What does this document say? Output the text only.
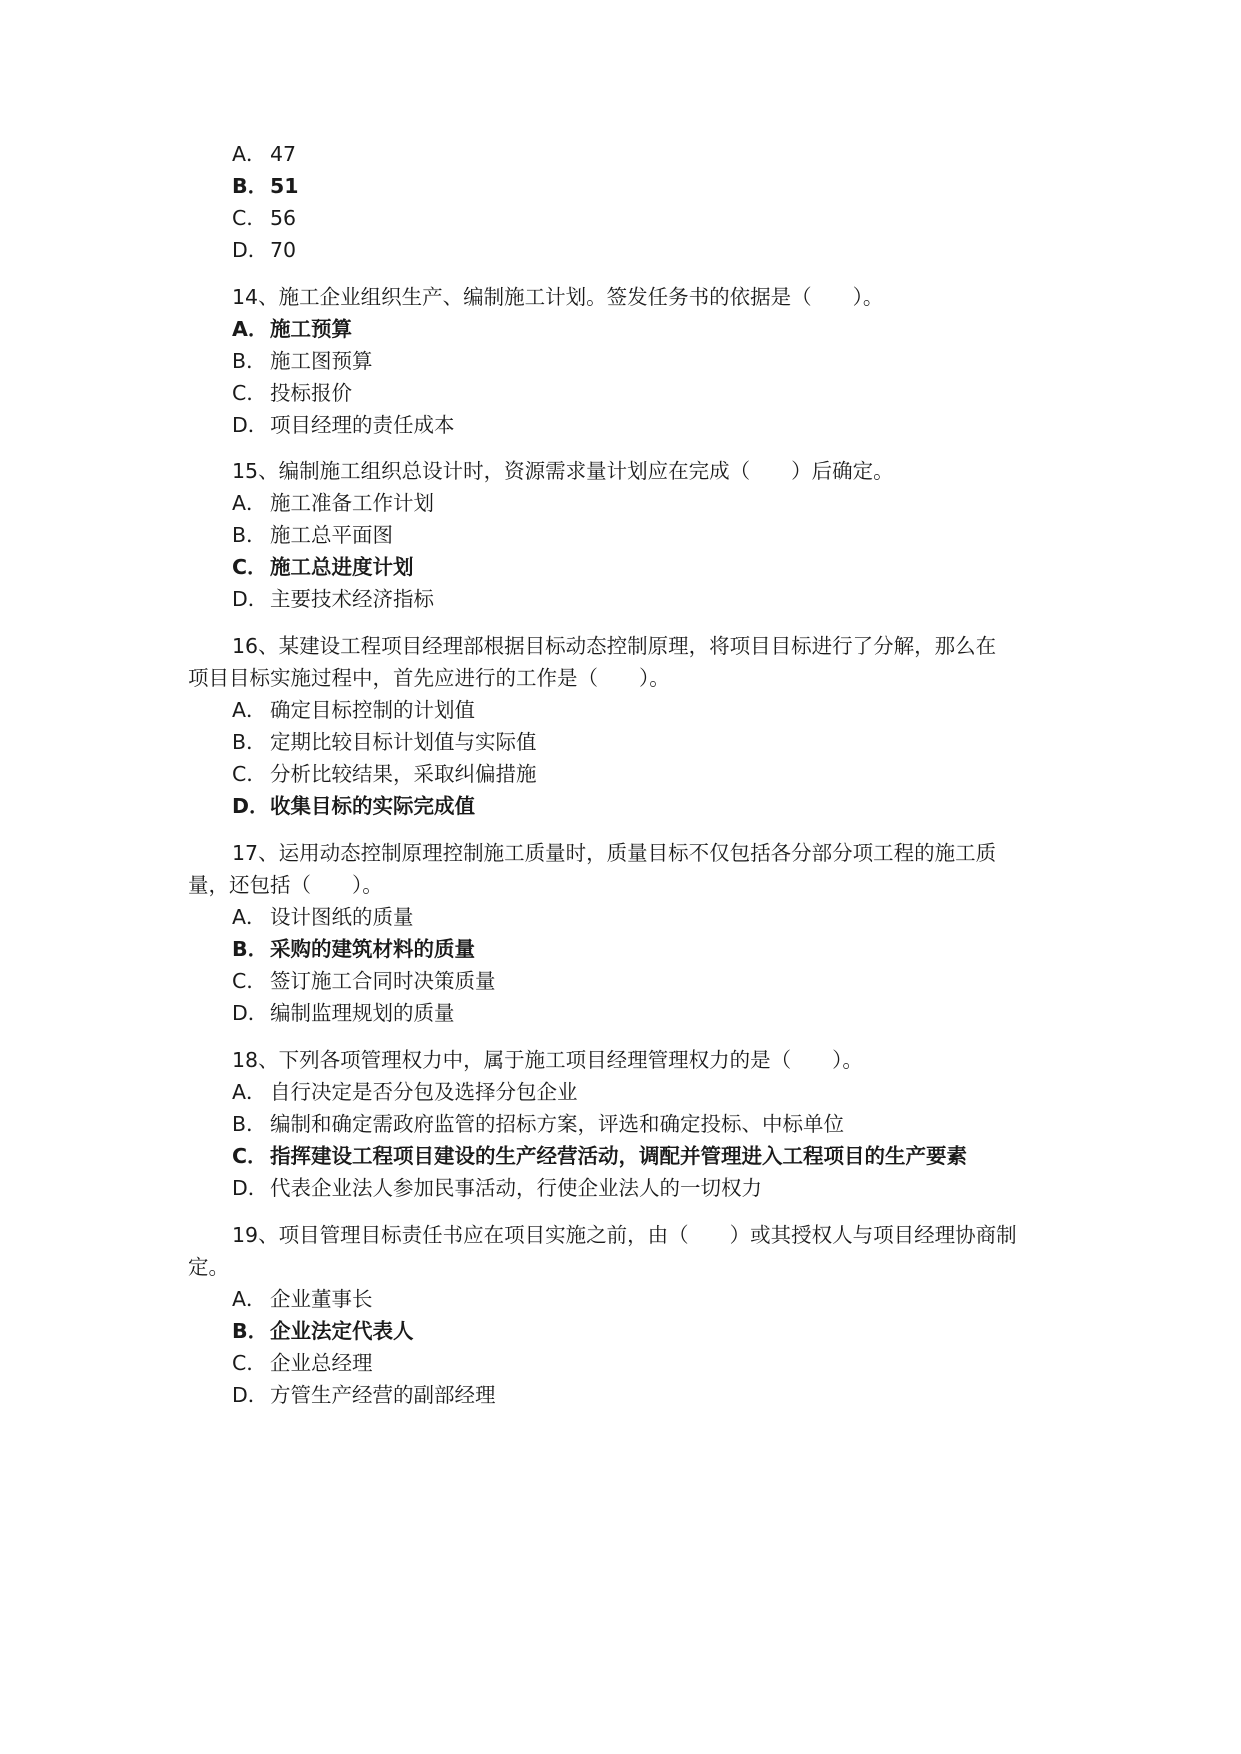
A． 47
B．51
C． 56
D．70
14、施工企业组织生产、编制施工计划。签发任务书的依据是（　　）。
A．施工预算
B． 施工图预算
C． 投标报价
D．项目经理的责任成本
15、编制施工组织总设计时，资源需求量计划应在完成（　　）后确定。
A． 施工准备工作计划
B． 施工总平面图
C． 施工总进度计划
D．主要技术经济指标
16、某建设工程项目经理部根据目标动态控制原理，将项目目标进行了分解，那么在
项目目标实施过程中，首先应进行的工作是（　　）。
A． 确定目标控制的计划值
B． 定期比较目标计划值与实际值
C． 分析比较结果，采取纠偏措施
D．收集目标的实际完成值
17、运用动态控制原理控制施工质量时，质量目标不仅包括各分部分项工程的施工质
量，还包括（　　）。
A． 设计图纸的质量
B．采购的建筑材料的质量
C． 签订施工合同时决策质量
D．编制监理规划的质量
18、下列各项管理权力中，属于施工项目经理管理权力的是（　　）。
A． 自行决定是否分包及选择分包企业
B． 编制和确定需政府监管的招标方案，评选和确定投标、中标单位
C． 指挥建设工程项目建设的生产经营活动，调配并管理进入工程项目的生产要素
D．代表企业法人参加民事活动，行使企业法人的一切权力
19、项目管理目标责任书应在项目实施之前，由（　　）或其授权人与项目经理协商制
定。
A． 企业董事长
B．企业法定代表人
C． 企业总经理
D．方管生产经营的副部经理
